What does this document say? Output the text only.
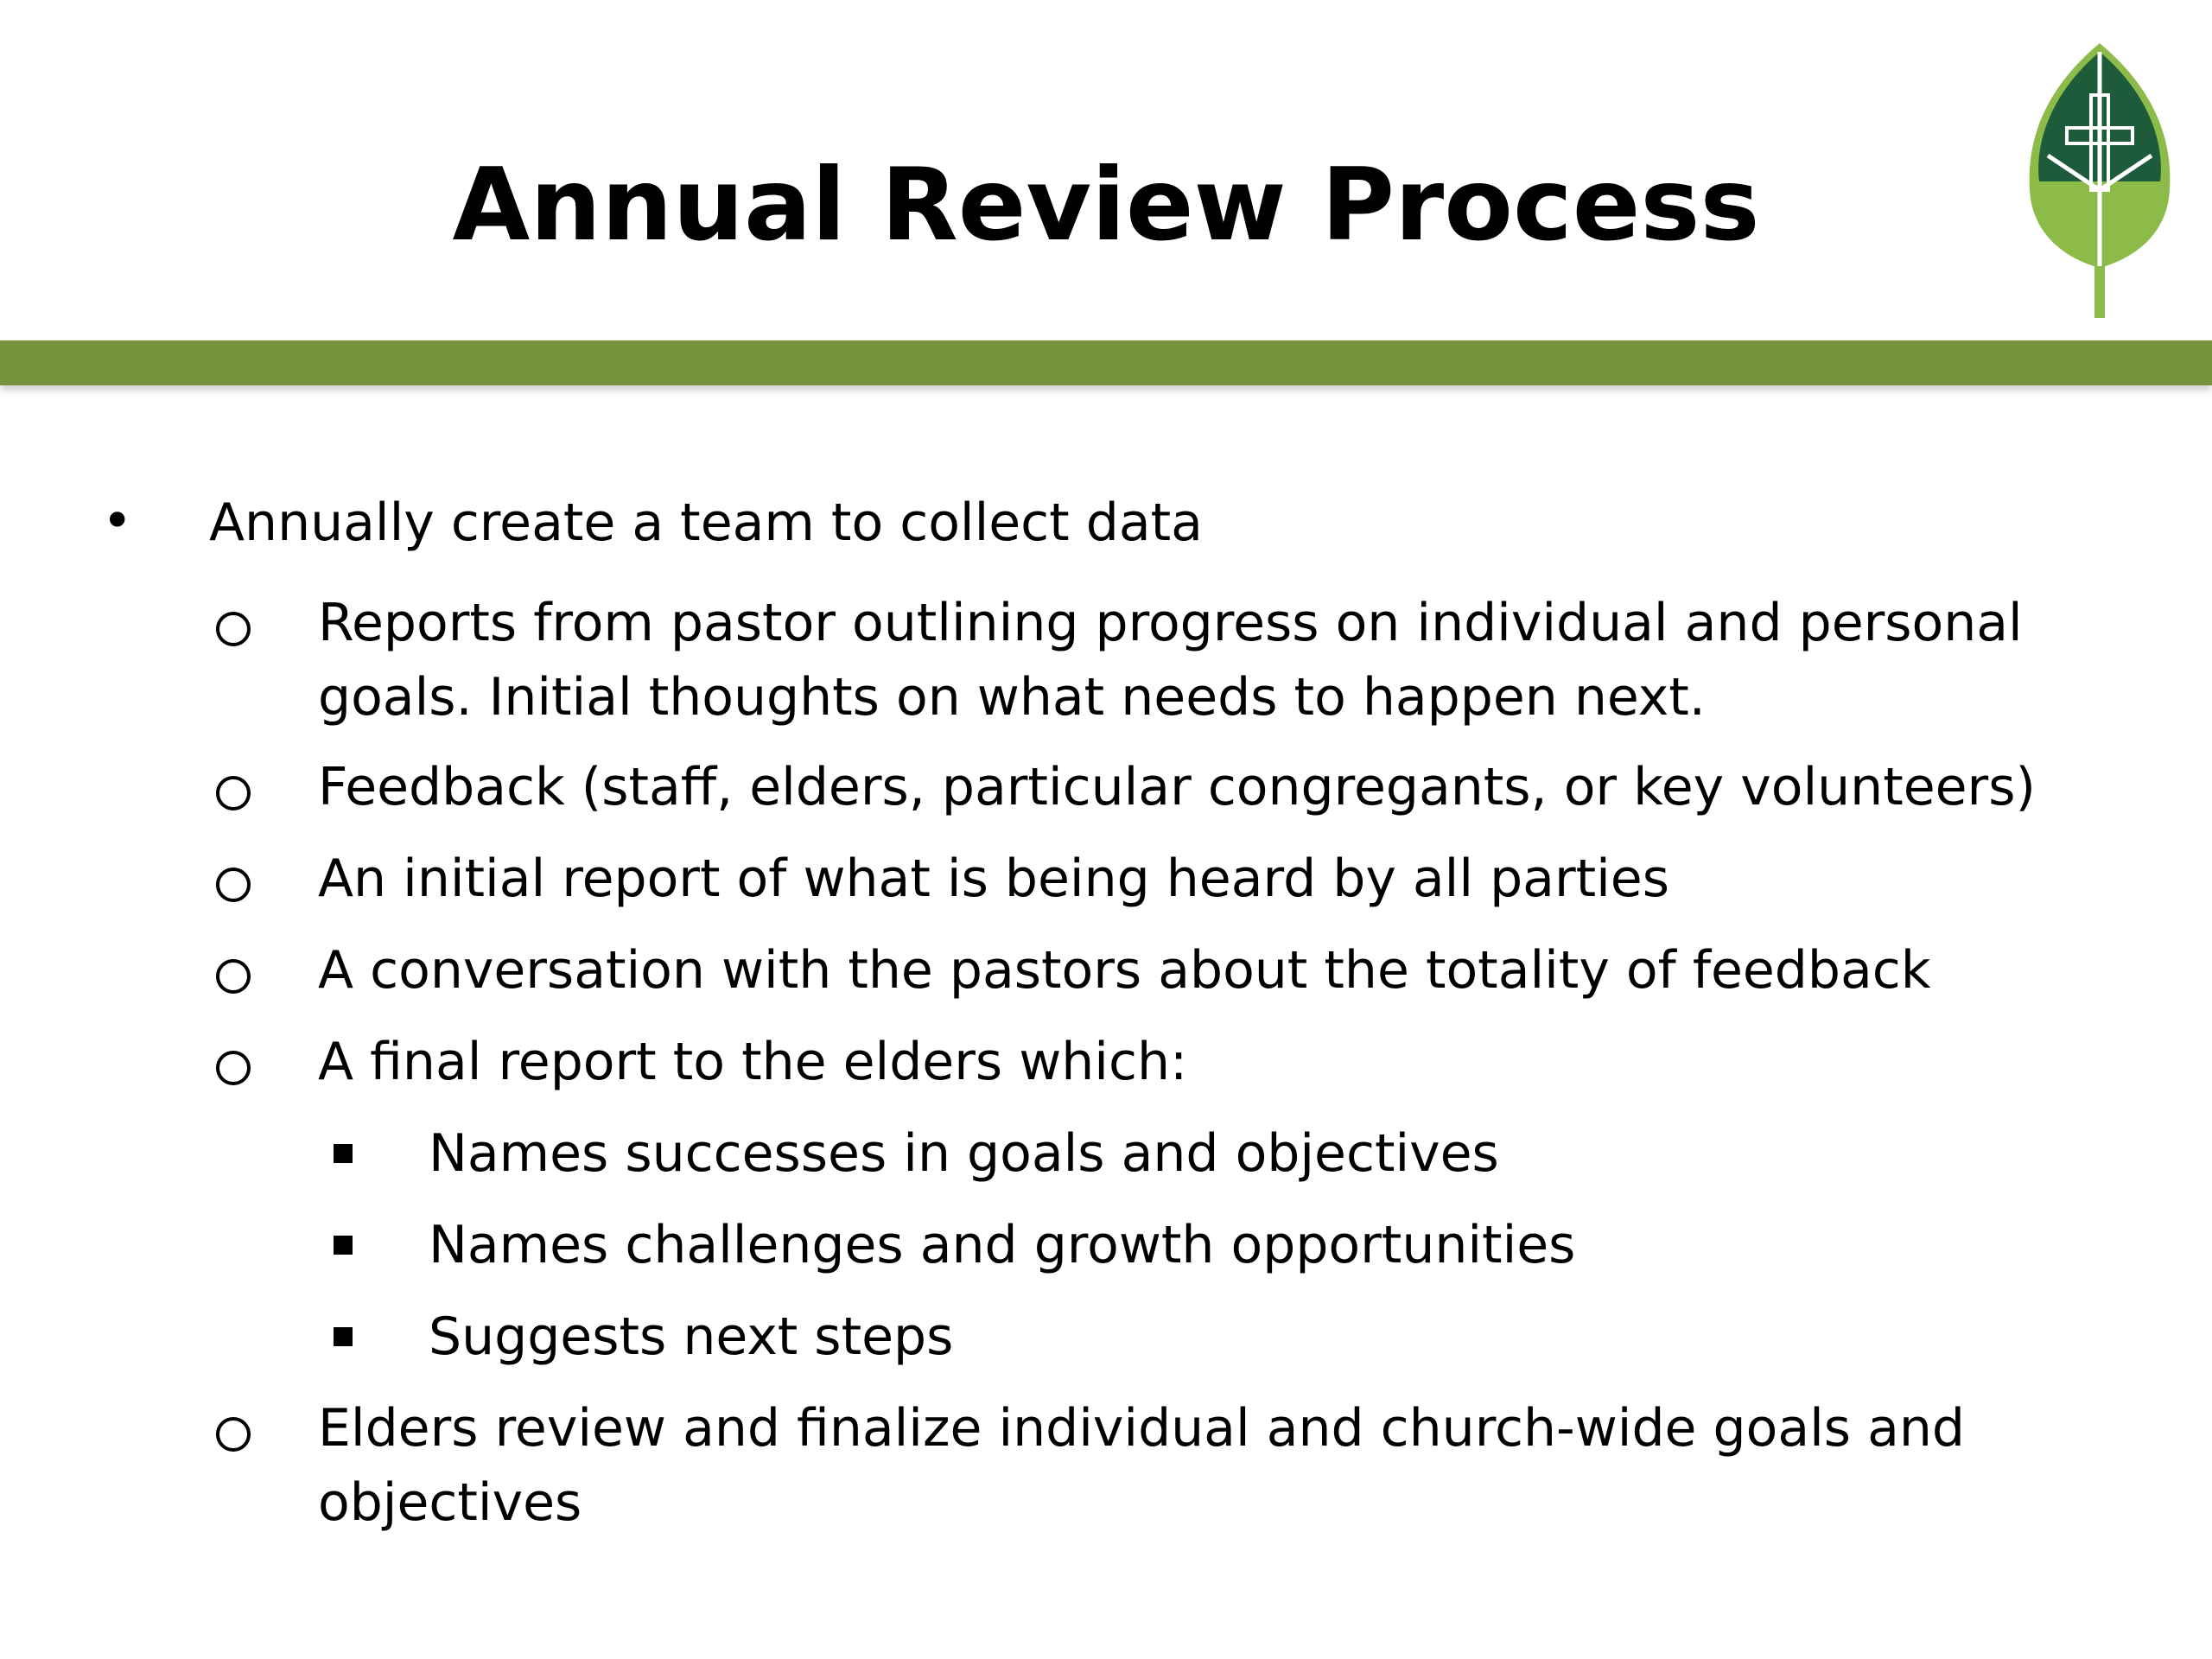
Annual Review Process
• Annually create a team to collect data
Reports from pastor outlining progress on individual and personal goals. Initial thoughts on what needs to happen next.
Feedback (staff, elders, particular congregants, or key volunteers)
An initial report of what is being heard by all parties
A conversation with the pastors about the totality of feedback
A final report to the elders which:
Names successes in goals and objectives
Names challenges and growth opportunities
Suggests next steps
Elders review and finalize individual and church-wide goals and objectives
